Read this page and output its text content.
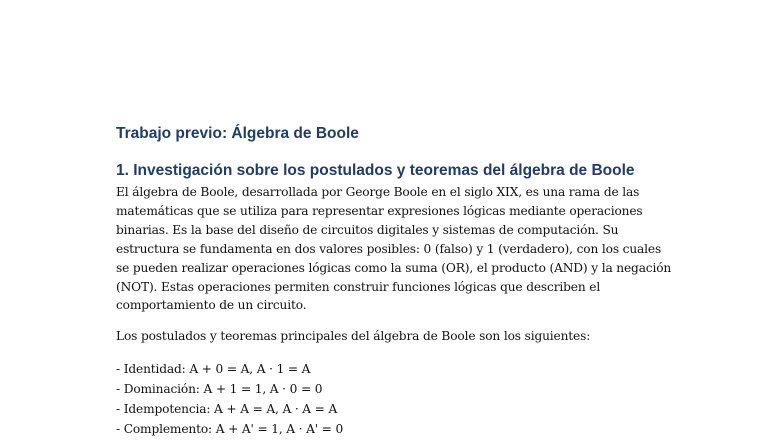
Trabajo previo: Álgebra de Boole
1. Investigación sobre los postulados y teoremas del álgebra de Boole

El álgebra de Boole, desarrollada por George Boole en el siglo XIX, es una rama de las matemáticas que se utiliza para representar expresiones lógicas mediante operaciones binarias. Es la base del diseño de circuitos digitales y sistemas de computación. Su estructura se fundamenta en dos valores posibles: 0 (falso) y 1 (verdadero), con los cuales se pueden realizar operaciones lógicas como la suma (OR), el producto (AND) y la negación (NOT). Estas operaciones permiten construir funciones lógicas que describen el comportamiento de un circuito.

Los postulados y teoremas principales del álgebra de Boole son los siguientes:

- Identidad: A + 0 = A, A · 1 = A
- Dominación: A + 1 = 1, A · 0 = 0
- Idempotencia: A + A = A, A · A = A
- Complemento: A + A' = 1, A · A' = 0
